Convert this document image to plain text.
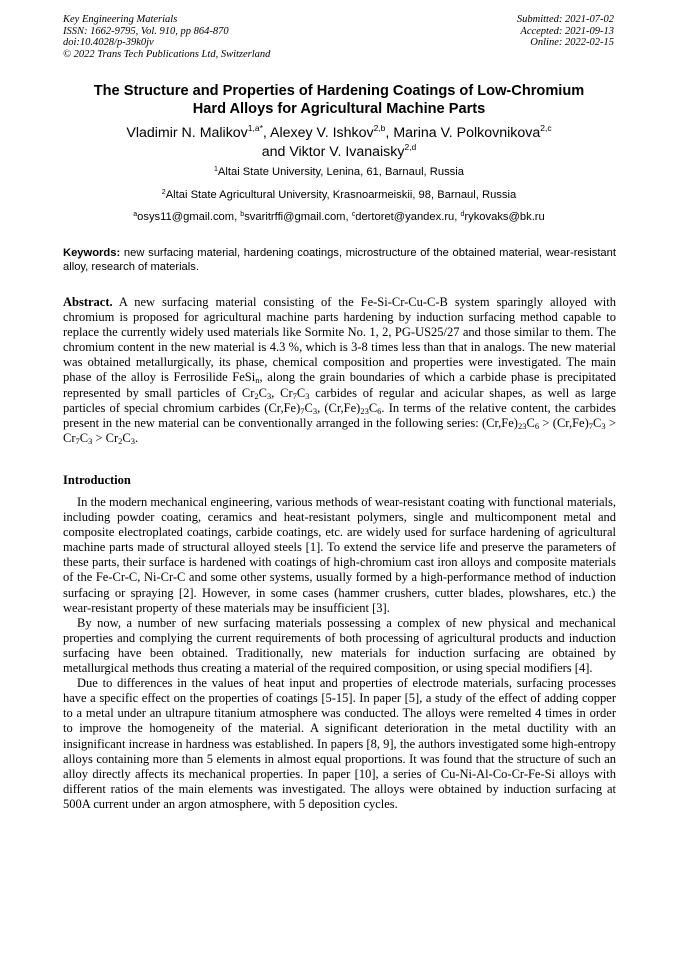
Key Engineering Materials
ISSN: 1662-9795, Vol. 910, pp 864-870
doi:10.4028/p-39k0jv
© 2022 Trans Tech Publications Ltd, Switzerland
Submitted: 2021-07-02
Accepted: 2021-09-13
Online: 2022-02-15
The Structure and Properties of Hardening Coatings of Low-Chromium
Hard Alloys for Agricultural Machine Parts
Vladimir N. Malikov$^{1,a*}$, Alexey V. Ishkov$^{2,b}$, Marina V. Polkovnikova$^{2,c}$
and Viktor V. Ivanaisky$^{2,d}$
$^1$Altai State University, Lenina, 61, Barnaul, Russia
$^2$Altai State Agricultural University, Krasnoarmeiskii, 98, Barnaul, Russia
$^a$osys11@gmail.com, $^b$svaritrffi@gmail.com, $^c$dertoret@yandex.ru, $^d$rykovaks@bk.ru
Keywords: new surfacing material, hardening coatings, microstructure of the obtained material, wear-resistant alloy, research of materials.
Abstract. A new surfacing material consisting of the Fe-Si-Cr-Cu-C-B system sparingly alloyed with chromium is proposed for agricultural machine parts hardening by induction surfacing method capable to replace the currently widely used materials like Sormite No. 1, 2, PG-US25/27 and those similar to them. The chromium content in the new material is 4.3 %, which is 3-8 times less than that in analogs. The new material was obtained metallurgically, its phase, chemical composition and properties were investigated. The main phase of the alloy is Ferrosilide FeSi$_n$, along the grain boundaries of which a carbide phase is precipitated represented by small particles of $Cr_2C_3$, $Cr_7C_3$ carbides of regular and acicular shapes, as well as large particles of special chromium carbides $(Cr,Fe)_7C_3$, $(Cr,Fe)_{23}C_6$. In terms of the relative content, the carbides present in the new material can be conventionally arranged in the following series: $(Cr,Fe)_{23}C_6 > (Cr,Fe)_7C_3 > Cr_7C_3 > Cr_2C_3$.
Introduction

In the modern mechanical engineering, various methods of wear-resistant coating with functional materials, including powder coating, ceramics and heat-resistant polymers, single and multicomponent metal and composite electroplated coatings, carbide coatings, etc. are widely used for surface hardening of agricultural machine parts made of structural alloyed steels [1]. To extend the service life and preserve the parameters of these parts, their surface is hardened with coatings of high-chromium cast iron alloys and composite materials of the Fe-Cr-C, Ni-Cr-C and some other systems, usually formed by a high-performance method of induction surfacing or spraying [2]. However, in some cases (hammer crushers, cutter blades, plowshares, etc.) the wear-resistant property of these materials may be insufficient [3].

By now, a number of new surfacing materials possessing a complex of new physical and mechanical properties and complying the current requirements of both processing of agricultural products and induction surfacing have been obtained. Traditionally, new materials for induction surfacing are obtained by metallurgical methods thus creating a material of the required composition, or using special modifiers [4].

Due to differences in the values of heat input and properties of electrode materials, surfacing processes have a specific effect on the properties of coatings [5-15]. In paper [5], a study of the effect of adding copper to a metal under an ultrapure titanium atmosphere was conducted. The alloys were remelted 4 times in order to improve the homogeneity of the material. A significant deterioration in the metal ductility with an insignificant increase in hardness was established. In papers [8, 9], the authors investigated some high-entropy alloys containing more than 5 elements in almost equal proportions. It was found that the structure of such an alloy directly affects its mechanical properties. In paper [10], a series of Cu-Ni-Al-Co-Cr-Fe-Si alloys with different ratios of the main elements was investigated. The alloys were obtained by induction surfacing at 500A current under an argon atmosphere, with 5 deposition cycles.
